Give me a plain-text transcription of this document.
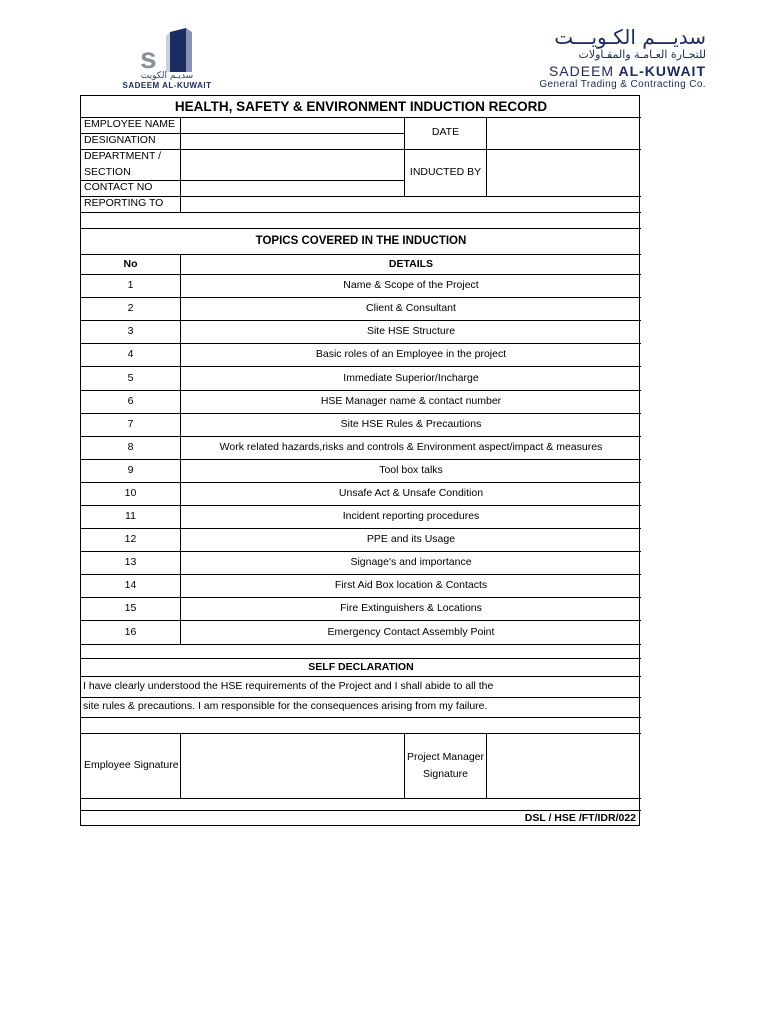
s
سديـم الكويت
SADEEM AL-KUWAIT
سديـــم الكـويـــت
للتجـارة العـامـة والمقـاولات
SADEEM AL-KUWAIT
General Trading & Contracting Co.
HEALTH, SAFETY & ENVIRONMENT INDUCTION RECORD
EMPLOYEE NAME
DESIGNATION
DEPARTMENT /
SECTION
CONTACT NO
REPORTING TO
DATE
INDUCTED BY
TOPICS COVERED IN THE INDUCTION
No	DETAILS
1	Name & Scope of the Project
2	Client & Consultant
3	Site HSE Structure
4	Basic roles of an Employee in the project
5	Immediate Superior/Incharge
6	HSE Manager name & contact number
7	Site HSE Rules & Precautions
8	Work related hazards,risks and controls & Environment aspect/impact & measures
9	Tool box talks
10	Unsafe Act & Unsafe Condition
11	Incident reporting procedures
12	PPE and its Usage
13	Signage's and importance
14	First Aid Box location & Contacts
15	Fire Extinguishers & Locations
16	Emergency Contact Assembly Point
SELF DECLARATION
I have clearly understood the HSE requirements of the Project and I shall abide to all the
site rules & precautions. I am responsible for the consequences arising from my failure.
Employee Signature
Project Manager
Signature
DSL / HSE /FT/IDR/022
